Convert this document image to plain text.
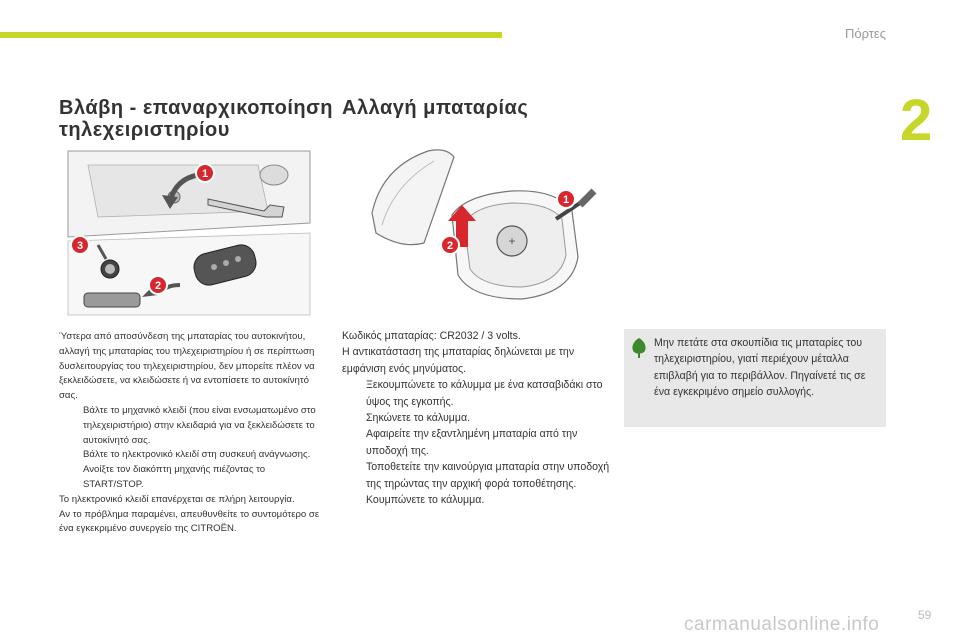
Πόρτες
2
Βλάβη - επαναρχικοποίηση τηλεχειριστηρίου
Αλλαγή μπαταρίας
1
2
3	+
1
2

Ύστερα από αποσύνδεση της μπαταρίας του αυτοκινήτου, αλλαγή της μπαταρίας του τηλεχειριστηρίου ή σε περίπτωση δυσλειτουργίας του τηλεχειριστηρίου, δεν μπορείτε πλέον να ξεκλειδώσετε, να κλειδώσετε ή να εντοπίσετε το αυτοκίνητό σας.

Βάλτε το μηχανικό κλειδί (που είναι ενσωματωμένο στο τηλεχειριστήριο) στην κλειδαριά για να ξεκλειδώσετε το αυτοκίνητό σας.
Βάλτε το ηλεκτρονικό κλειδί στη συσκευή ανάγνωσης.
Ανοίξτε τον διακόπτη μηχανής πιέζοντας το START/STOP.

Το ηλεκτρονικό κλειδί επανέρχεται σε πλήρη λειτουργία.

Αν το πρόβλημα παραμένει, απευθυνθείτε το συντομότερο σε ένα εγκεκριμένο συνεργείο της CITROËN.

Κωδικός μπαταρίας: CR2032 / 3 volts.

Η αντικατάσταση της μπαταρίας δηλώνεται με την εμφάνιση ενός μηνύματος.

Ξεκουμπώνετε το κάλυμμα με ένα κατσαβιδάκι στο ύψος της εγκοπής.
Σηκώνετε το κάλυμμα.
Αφαιρείτε την εξαντλημένη μπαταρία από την υποδοχή της.
Τοποθετείτε την καινούργια μπαταρία στην υποδοχή της τηρώντας την αρχική φορά τοποθέτησης.
Κουμπώνετε το κάλυμμα.
Μην πετάτε στα σκουπίδια τις μπαταρίες του τηλεχειριστηρίου, γιατί περιέχουν μέταλλα επιβλαβή για το περιβάλλον. Πηγαίνετέ τις σε ένα εγκεκριμένο σημείο συλλογής.
carmanualsonline.info	59
